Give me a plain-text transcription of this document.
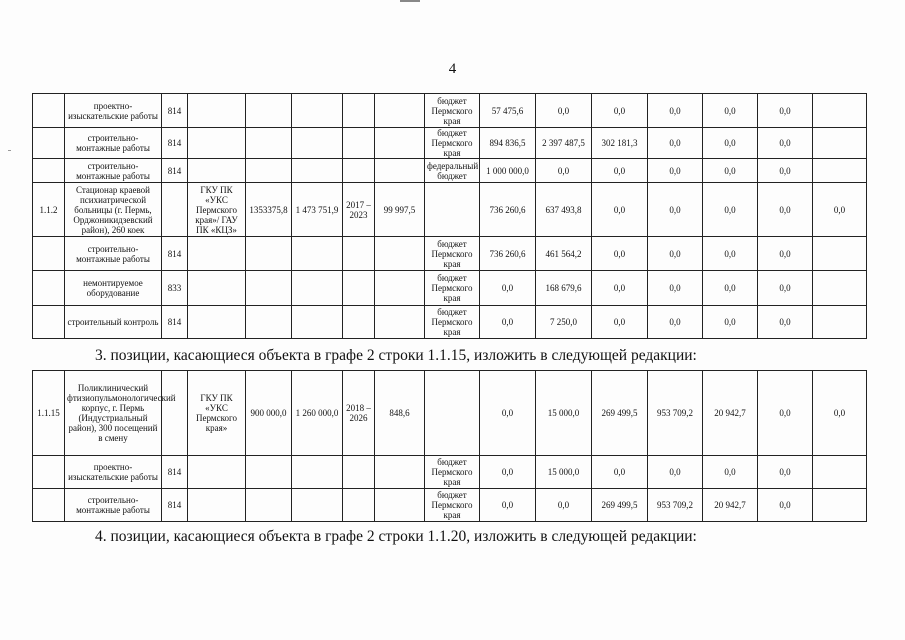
4
	проектно-изыскательские работы	814						бюджет Пермского края	57 475,6	0,0	0,0	0,0	0,0	0,0	
	строительно-монтажные работы	814						бюджет Пермского края	894 836,5	2 397 487,5	302 181,3	0,0	0,0	0,0	
	строительно-монтажные работы	814						федеральный бюджет	1 000 000,0	0,0	0,0	0,0	0,0	0,0	
1.1.2	Стационар краевой психиатрической больницы (г. Пермь, Орджоникидзевский район), 260 коек		ГКУ ПК «УКС Пермского края»/ ГАУ ПК «КЦЗ»	1353375,8	1 473 751,9	2017 – 2023	99 997,5		736 260,6	637 493,8	0,0	0,0	0,0	0,0	0,0
	строительно-монтажные работы	814						бюджет Пермского края	736 260,6	461 564,2	0,0	0,0	0,0	0,0	
	немонтируемое оборудование	833						бюджет Пермского края	0,0	168 679,6	0,0	0,0	0,0	0,0	
	строительный контроль	814						бюджет Пермского края	0,0	7 250,0	0,0	0,0	0,0	0,0	
3. позиции, касающиеся объекта в графе 2 строки 1.1.15, изложить в следующей редакции:
1.1.15	Поликлинический фтизиопульмонологический корпус, г. Пермь (Индустриальный район), 300 посещений в смену		ГКУ ПК «УКС Пермского края»	900 000,0	1 260 000,0	2018 – 2026	848,6		0,0	15 000,0	269 499,5	953 709,2	20 942,7	0,0	0,0
	проектно-изыскательские работы	814						бюджет Пермского края	0,0	15 000,0	0,0	0,0	0,0	0,0	
	строительно-монтажные работы	814						бюджет Пермского края	0,0	0,0	269 499,5	953 709,2	20 942,7	0,0	
4. позиции, касающиеся объекта в графе 2 строки 1.1.20, изложить в следующей редакции:
